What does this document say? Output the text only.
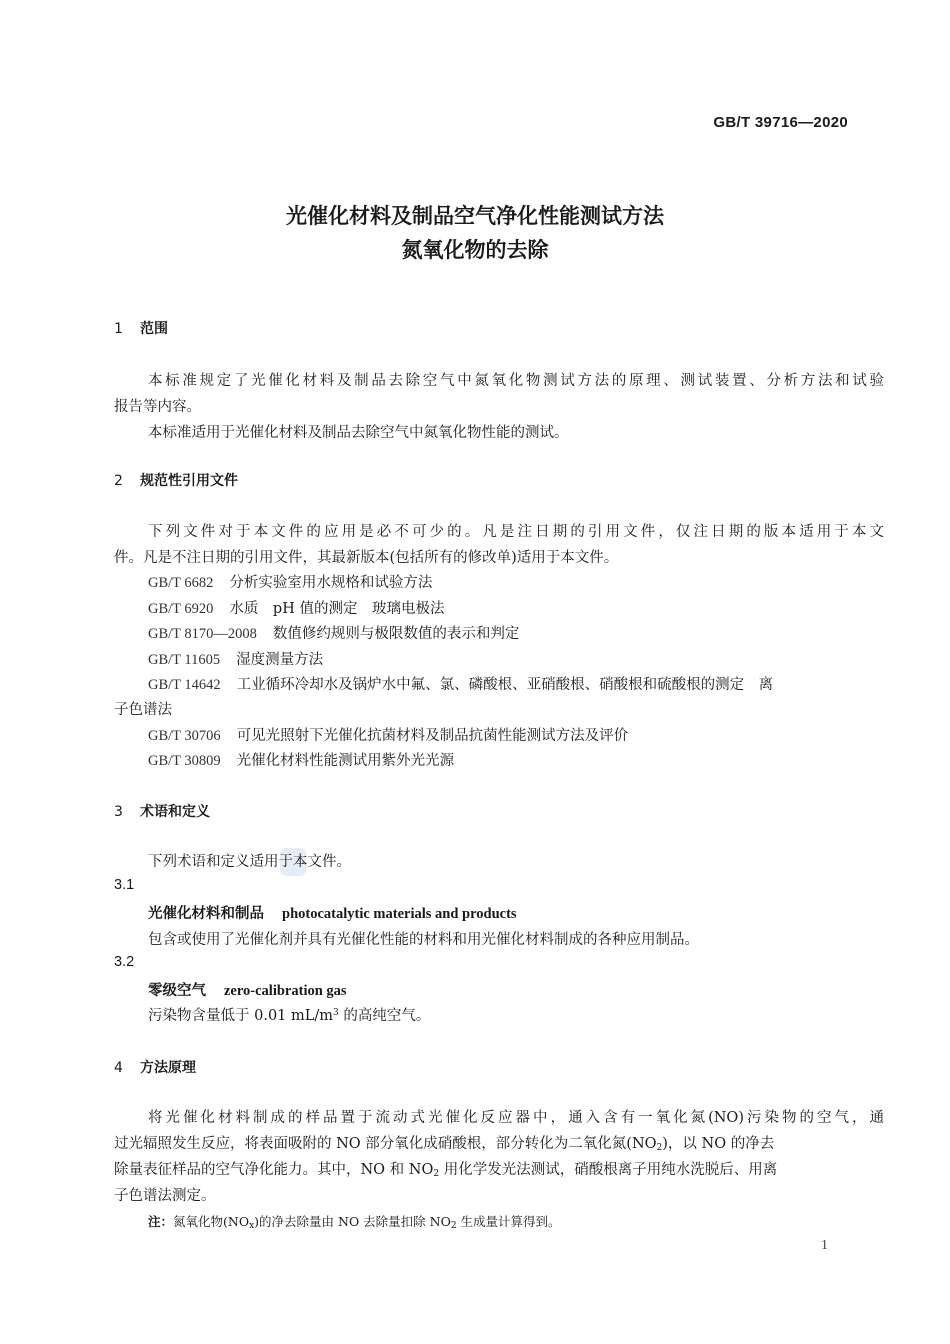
GB/T 39716—2020
光催化材料及制品空气净化性能测试方法
氮氧化物的去除
1 范围
本标准规定了光催化材料及制品去除空气中氮氧化物测试方法的原理、测试装置、分析方法和试验
报告等内容。
本标准适用于光催化材料及制品去除空气中氮氧化物性能的测试。
2 规范性引用文件
下列文件对于本文件的应用是必不可少的。凡是注日期的引用文件，仅注日期的版本适用于本文
件。凡是不注日期的引用文件，其最新版本(包括所有的修改单)适用于本文件。
GB/T 6682 分析实验室用水规格和试验方法
GB/T 6920 水质　pH 值的测定　玻璃电极法
GB/T 8170—2008 数值修约规则与极限数值的表示和判定
GB/T 11605 湿度测量方法
GB/T 14642 工业循环冷却水及锅炉水中氟、氯、磷酸根、亚硝酸根、硝酸根和硫酸根的测定　离
子色谱法
GB/T 30706 可见光照射下光催化抗菌材料及制品抗菌性能测试方法及评价
GB/T 30809 光催化材料性能测试用紫外光光源
3 术语和定义
下列术语和定义适用于本文件。
3.1
光催化材料和制品 photocatalytic materials and products
包含或使用了光催化剂并具有光催化性能的材料和用光催化材料制成的各种应用制品。
3.2
零级空气 zero-calibration gas
污染物含量低于 0.01 $mL/m^3$ 的高纯空气。
4 方法原理
将光催化材料制成的样品置于流动式光催化反应器中，通入含有一氧化氮(NO)污染物的空气，通
过光辐照发生反应，将表面吸附的 NO 部分氧化成硝酸根，部分转化为二氧化氮$(NO_2)$，以 NO 的净去
除量表征样品的空气净化能力。其中，NO 和 $NO_2$ 用化学发光法测试，硝酸根离子用纯水洗脱后、用离
子色谱法测定。
注：氮氧化物$(NO_x)$的净去除量由 NO 去除量扣除 $NO_2$ 生成量计算得到。
1
